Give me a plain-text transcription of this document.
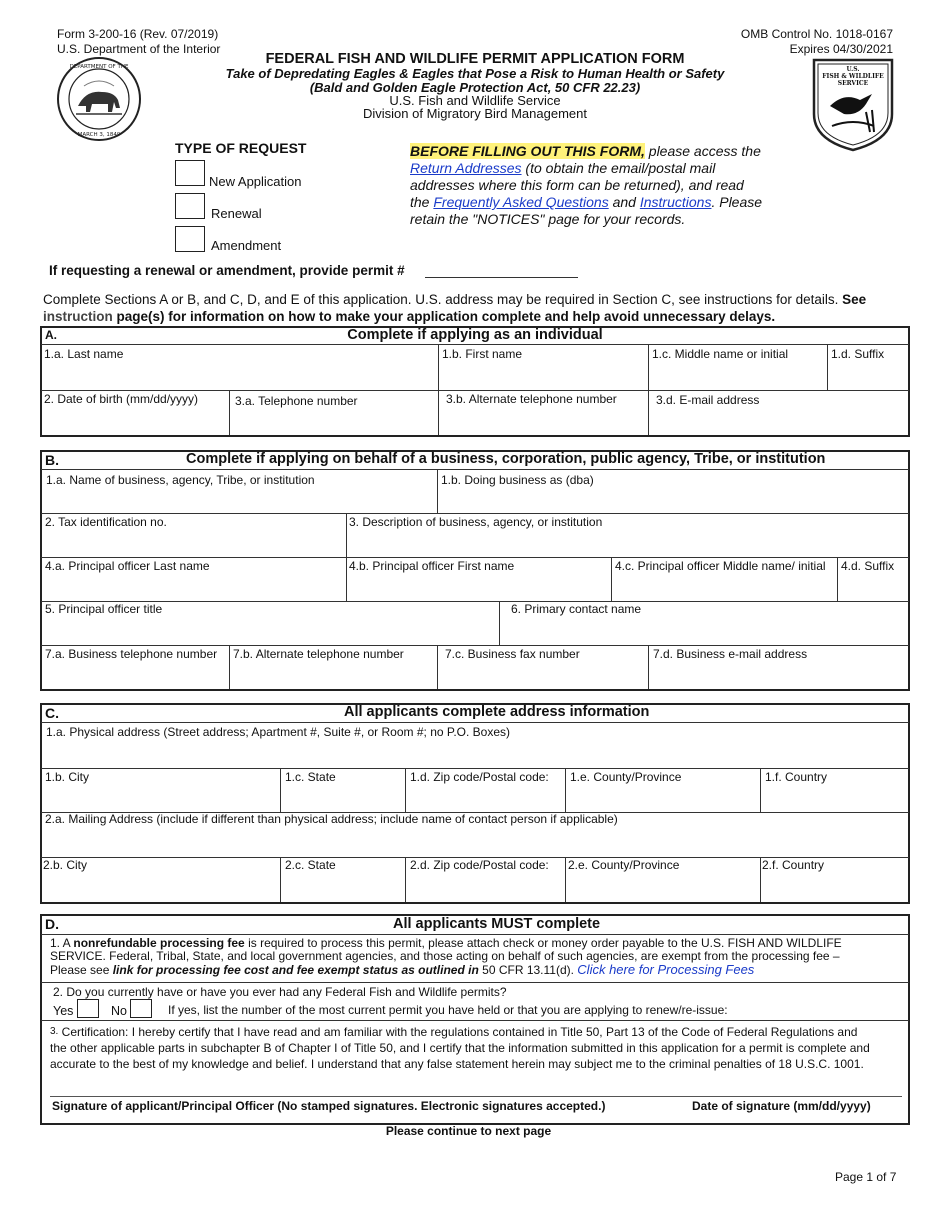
Form 3-200-16 (Rev. 07/2019)
U.S. Department of the Interior
OMB Control No. 1018-0167
Expires 04/30/2021
FEDERAL FISH AND WILDLIFE PERMIT APPLICATION FORM
Take of Depredating Eagles & Eagles that Pose a Risk to Human Health or Safety
(Bald and Golden Eagle Protection Act, 50 CFR 22.23)
U.S. Fish and Wildlife Service
Division of Migratory Bird Management
DEPARTMENT OF THE
MARCH 3, 1849
U.S.
FISH & WILDLIFE
SERVICE
TYPE OF REQUEST
New Application
Renewal
Amendment
BEFORE FILLING OUT THIS FORM, please access the
Return Addresses (to obtain the email/postal mail
addresses where this form can be returned), and read
the Frequently Asked Questions and Instructions. Please
retain the "NOTICES" page for your records.
If requesting a renewal or amendment, provide permit #
Complete Sections A or B, and C, D, and E of this application. U.S. address may be required in Section C, see instructions for details. See
instruction page(s) for information on how to make your application complete and help avoid unnecessary delays.
A.	Complete if applying as an individual
1.a. Last name	1.b. First name	1.c. Middle name or initial	1.d. Suffix
2. Date of birth (mm/dd/yyyy)	3.a. Telephone number	3.b. Alternate telephone number	3.d. E-mail address
B.	Complete if applying on behalf of a business, corporation, public agency, Tribe, or institution
1.a. Name of business, agency, Tribe, or institution	1.b. Doing business as (dba)
2. Tax identification no.	3. Description of business, agency, or institution
4.a. Principal officer Last name	4.b. Principal officer First name	4.c. Principal officer Middle name/ initial 4.d. Suffix
5. Principal officer title	6. Primary contact name
7.a. Business telephone number 7.b. Alternate telephone number	7.c. Business fax number	7.d. Business e-mail address
C.	All applicants complete address information
1.a. Physical address (Street address; Apartment #, Suite #, or Room #; no P.O. Boxes)
1.b. City	1.c. State	1.d. Zip code/Postal code: 1.e. County/Province	1.f. Country
2.a. Mailing Address (include if different than physical address; include name of contact person if applicable)
2.b. City	2.c. State	2.d. Zip code/Postal code: 2.e. County/Province	2.f. Country
D.	All applicants MUST complete
1. A nonrefundable processing fee is required to process this permit, please attach check or money order payable to the U.S. FISH AND WILDLIFE
SERVICE. Federal, Tribal, State, and local government agencies, and those acting on behalf of such agencies, are exempt from the processing fee –
Please see link for processing fee cost and fee exempt status as outlined in 50 CFR 13.11(d). Click here for Processing Fees
2. Do you currently have or have you ever had any Federal Fish and Wildlife permits?
Yes	No	If yes, list the number of the most current permit you have held or that you are applying to renew/re-issue:
$^{3.}$ Certification: I hereby certify that I have read and am familiar with the regulations contained in Title 50, Part 13 of the Code of Federal Regulations and
the other applicable parts in subchapter B of Chapter I of Title 50, and I certify that the information submitted in this application for a permit is complete and
accurate to the best of my knowledge and belief. I understand that any false statement herein may subject me to the criminal penalties of 18 U.S.C. 1001.
Signature of applicant/Principal Officer (No stamped signatures. Electronic signatures accepted.)	Date of signature (mm/dd/yyyy)
Please continue to next page
Page 1 of 7
